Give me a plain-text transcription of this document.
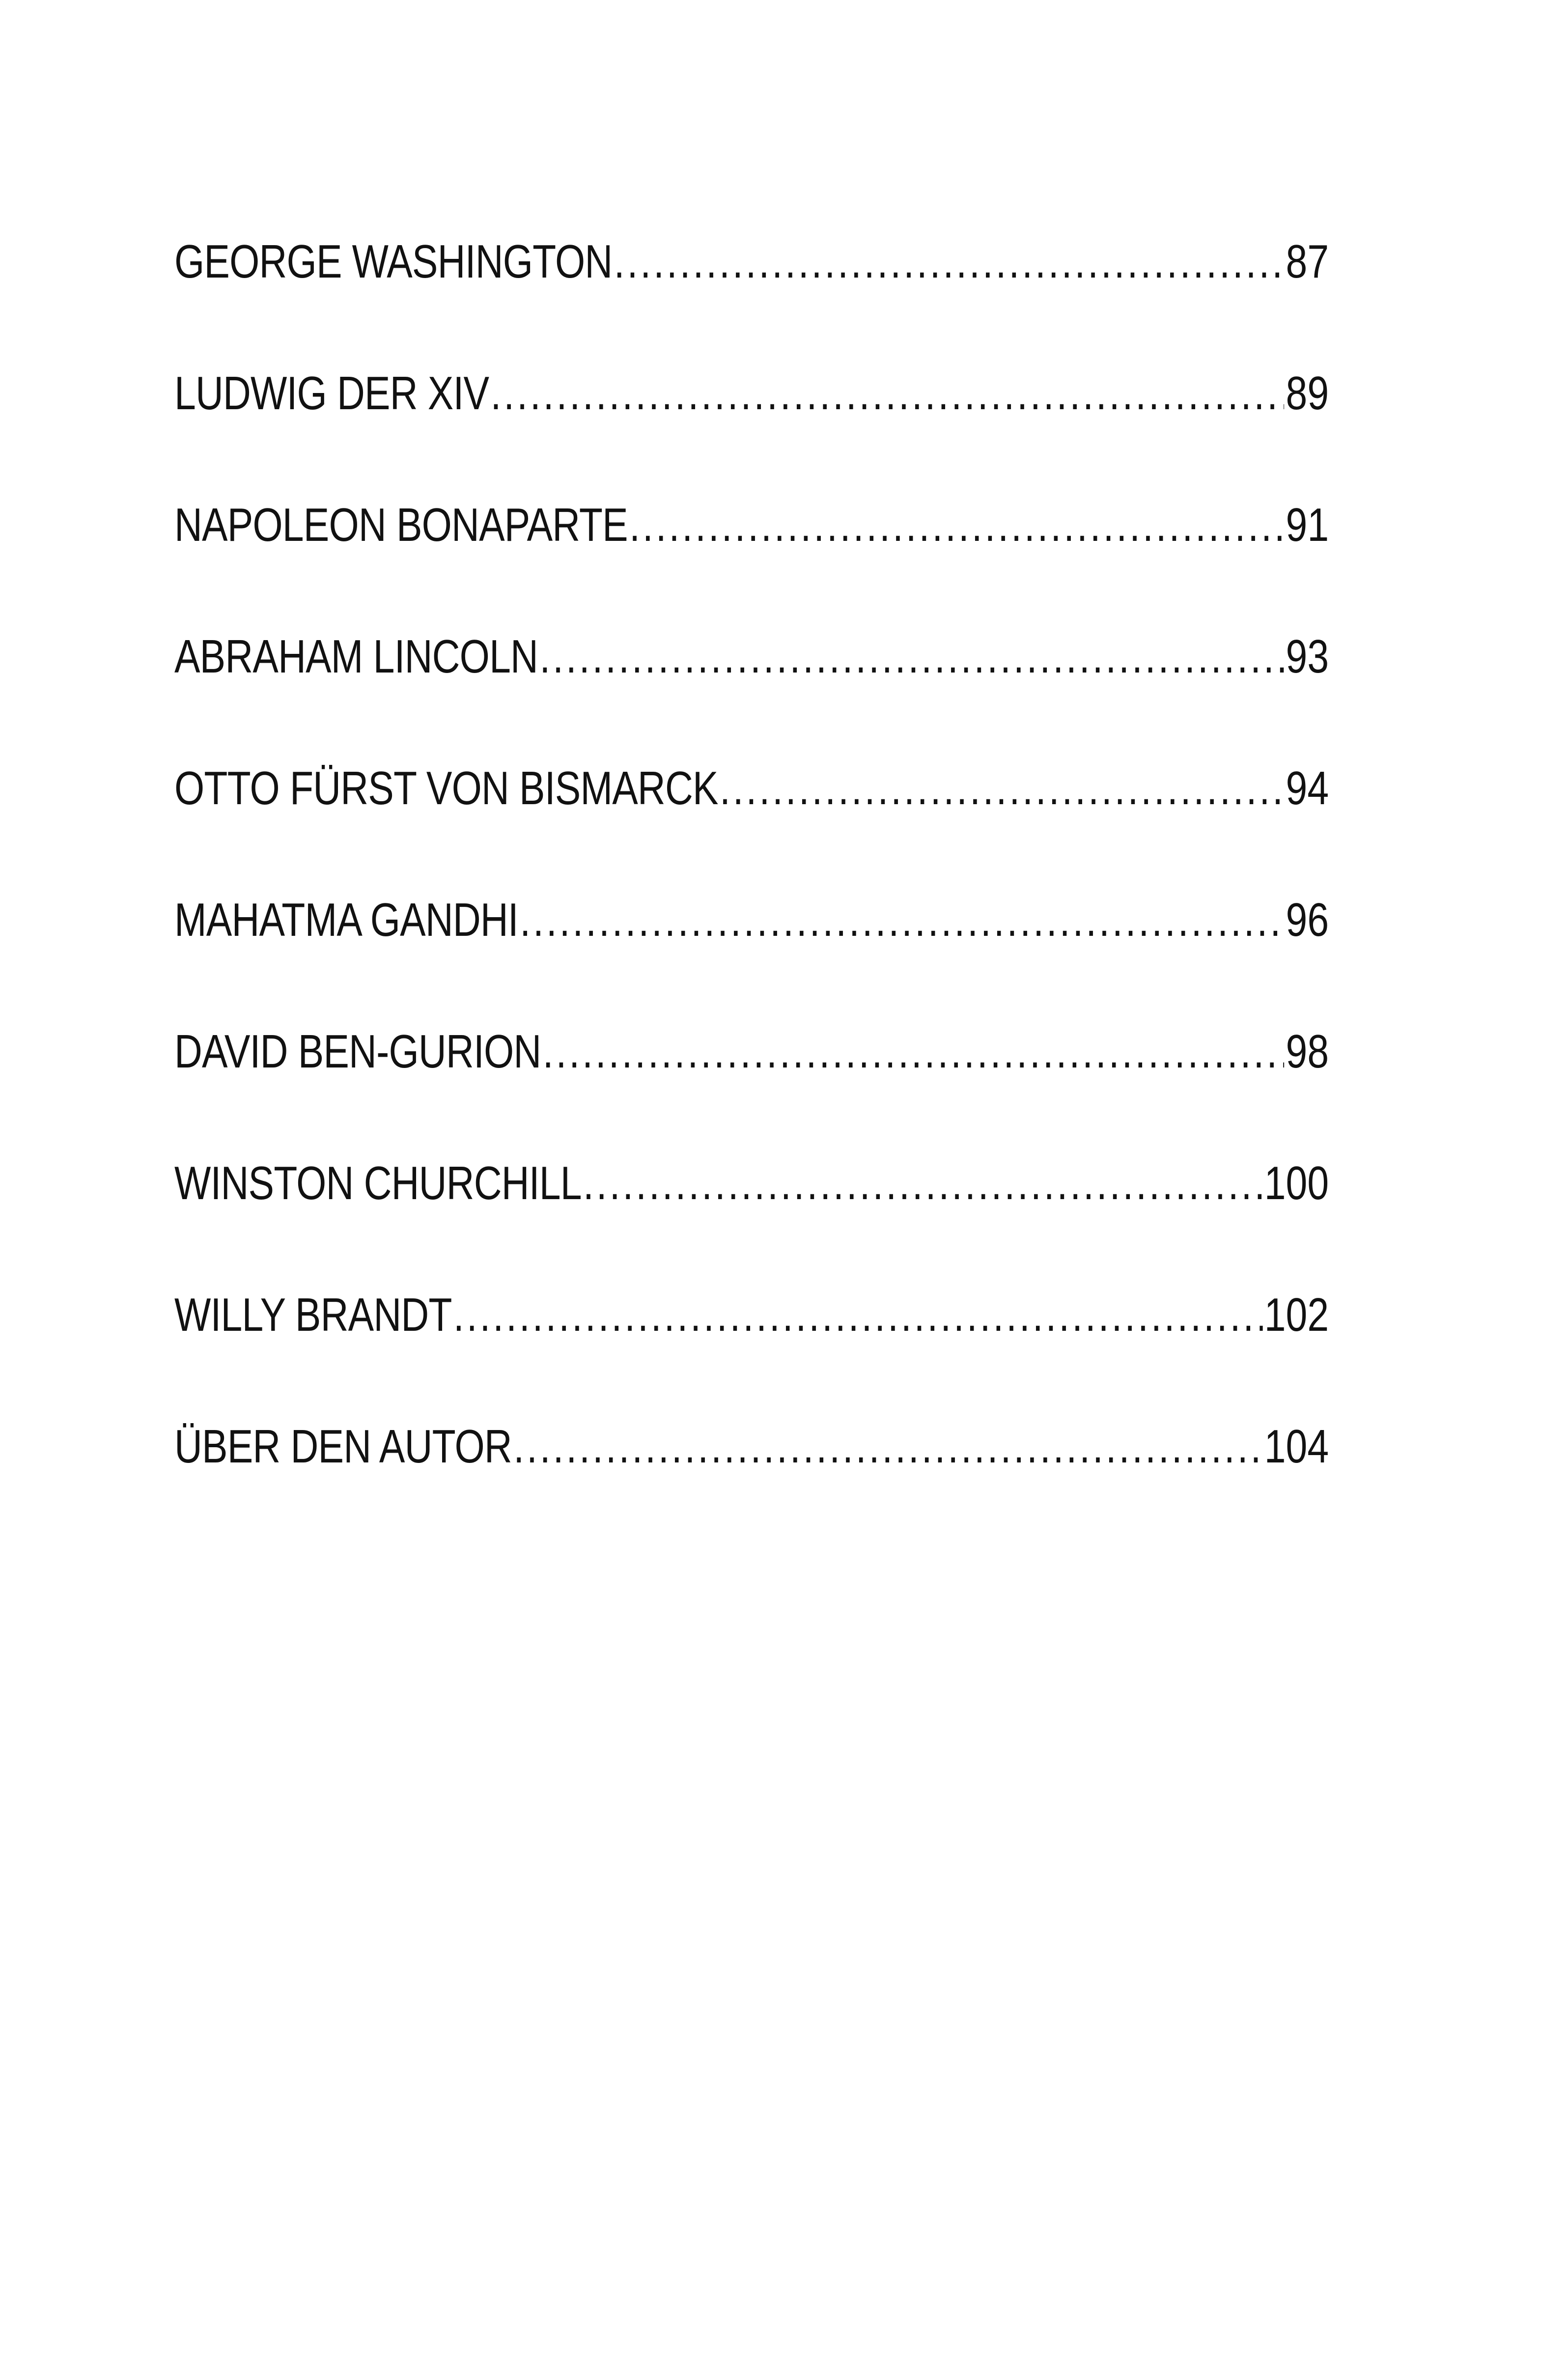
GEORGE WASHINGTON .....	87
LUDWIG DER XIV .....	89
NAPOLEON BONAPARTE .....	91
ABRAHAM LINCOLN .....	93
OTTO FÜRST VON BISMARCK .....	94
MAHATMA GANDHI .....	96
DAVID BEN-GURION .....	98
WINSTON CHURCHILL .....	100
WILLY BRANDT .....	102
ÜBER DEN AUTOR .....	104
